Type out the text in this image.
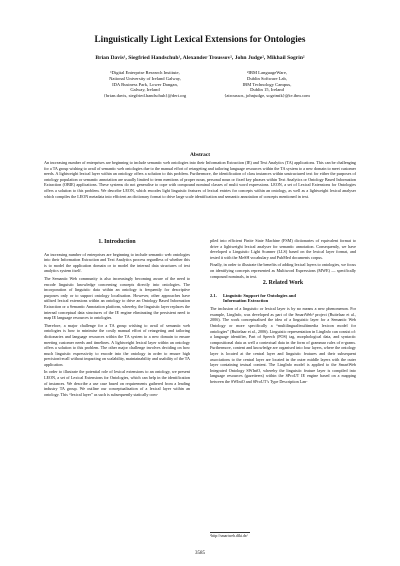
Linguistically Light Lexical Extensions for Ontologies
Brian Davis¹, Siegfried Handschuh¹, Alexander Troussov², John Judge², Mikhail Sogrin²
¹Digital Enterprise Research Institute,
National University of Ireland Galway,
IDA Business Park, Lower Dangan,
Galway, Ireland
{brian.davis, siegfried.handschuh}@deri.org
²IBM LanguageWare,
Dublin Software Lab,
IBM Technology Campus,
Dublin 15, Ireland
{atroussos, johnjudge, sogrimik}@ie.ibm.com
Abstract
An increasing number of enterprises are beginning to include semantic web ontologies into their Information Extraction (IE) and Text Analytics (TA) applications. This can be challenging for a TA group wishing to avail of semantic web ontologies due to the manual effort of retargeting and tailoring language resources within the TA system to a new domain to meet customer needs. A lightweight lexical layer within an ontology offers a solution to this problem. Furthermore, the identification of class instances within unstructured text for either the purposes of ontology population or semantic annotation are usually limited to term mentions of proper noun, personal noun or fixed key phrases within Text Analytics or Ontology Based Information Extraction (OBIE) applications. These systems do not generalise to cope with compound nominal classes of multi word expressions. LEON, a set of Lexical Extensions for Ontologies offers a solution to this problem. We describe LEON, which encodes light linguistic features of lexical entries for concepts within an ontology, as well as a lightweight lexical analyser which compiles the LEON metadata into efficient an dictionary format to drive large scale identification and semantic annotation of concepts mentioned in text.
1. Introduction

An increasing number of enterprises are beginning to include semantic web ontologies into their Information Extraction and Text Analytics process regardless of whether this is to model the application domain or to model the internal data structures of text analytics system itself.

The Semantic Web community is also increasingly becoming aware of the need to encode linguistic knowledge concerning concepts directly into ontologies. The incorporation of linguistic data within an ontology is frequently for descriptive purposes only or to support ontology localisation. However, other approaches have utilised lexical extensions within an ontology to drive an Ontology Based Information Extraction or a Semantic Annotation platform, whereby, the linguistic layer replaces the internal conceptual data structures of the IE engine eliminating the persistent need to map IE language resources to ontologies.

Therefore, a major challenge for a TA group wishing to avail of semantic web ontologies is how to minimise the costly manual effort of retargeting and tailoring dictionaries and language resources within the TA system to a new domain to ensure meeting customer needs and timelines. A lightweight lexical layer within an ontology offers a solution to this problem. The other major challenge involves deciding on how much linguistic expressivity to encode into the ontology in order to ensure high precision/recall without impacting on scalability, maintainability and usability of the TA application.

In order to illustrate the potential role of lexical extensions to an ontology, we present LEON, a set of Lexical Extensions for Ontologies, which can help in the identification of instances. We describe a use case based on requirements gathered from a leading industry TA group. We outline our conceptualisation of a lexical layer within an ontology. This “lexical layer” as such is subsequently statically com-

piled into efficient Finite State Machine (FSM) dictionaries of equivalent format to drive a lightweight lexical analyser for semantic annotation. Consequently, we have developed a Linguistic Light Scanner (LLS) based on the lexical layer format, and tested it with the MeSH vocabulary and PubMed documents corpus.

Finally, in order to illustrate the benefits of adding lexical layers to ontologies, we focus on identifying concepts represented as Multiword Expressions (MWE) — specifically compound nominals, in text.

2. Related Work
2.1. Linguistic Support for Ontologies and
Information Extraction

The inclusion of a linguistic or lexical layer is by no means a new phenomenon. For example, LingInfo, was developed as part of the SmartWeb¹ project (Buitelaar et al., 2006). The work conceptualised the idea of a linguistic layer for a Semantic Web Ontology or more specifically a “multilingual/multimedia lexicon model for ontologies” (Buitelaar et al., 2006). Linguistic representation in LingInfo can consist of: a language identifier, Part of Speech (POS) tag, morphological data, and syntactic compositional data as well a contextual data in the form of grammar rules of n-grams. Furthermore, content and knowledge are organised into four layers, where the ontology layer is located at the central layer and linguistic features and their subsequent associations to the central layer are located in the outer middle layers with the outer layer containing textual content. The LingInfo model is applied to the SmartWeb Integrated Ontology SWIntO, whereby the linguistic feature layer is compiled into language resources (gazetteers) within the SProUT IE engine based on a mapping between the SWIntO and SProUT’s Type Description Lan-

¹http://smartweb.dfki.de/
3585
